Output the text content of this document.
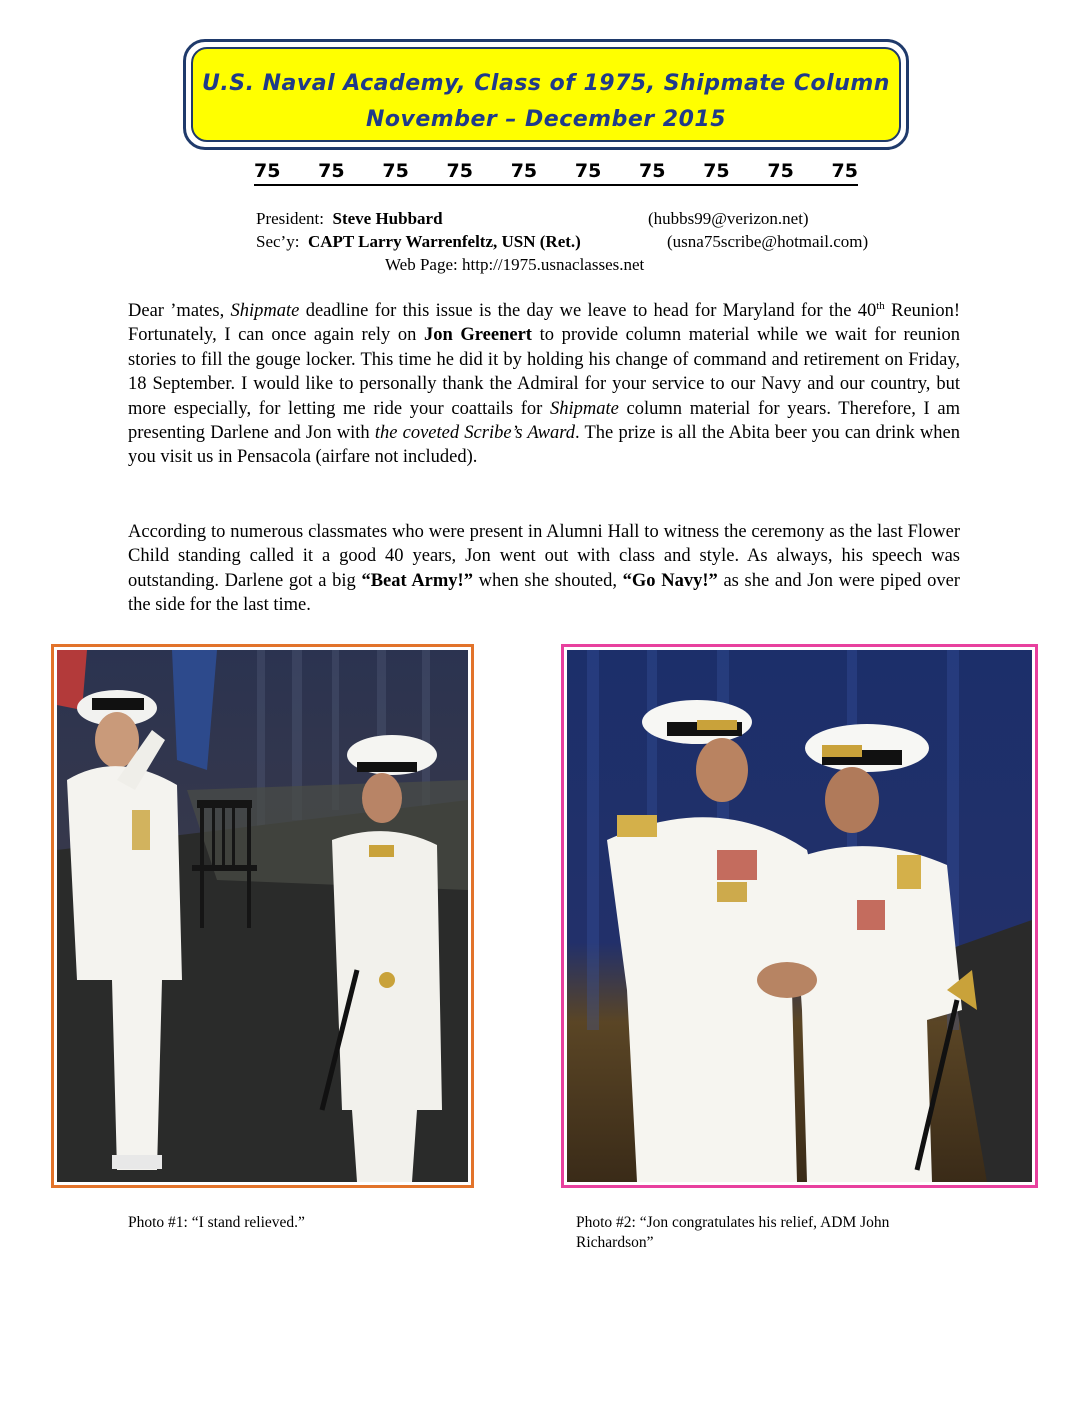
U.S. Naval Academy, Class of 1975, Shipmate Column
November – December 2015
75 75 75 75 75 75 75 75 75 75
President: Steve Hubbard	(hubbs99@verizon.net)
Sec’y: CAPT Larry Warrenfeltz, USN (Ret.)	(usna75scribe@hotmail.com)
Web Page: http://1975.usnaclasses.net
Dear ’mates, Shipmate deadline for this issue is the day we leave to head for Maryland for the 40th Reunion! Fortunately, I can once again rely on Jon Greenert to provide column material while we wait for reunion stories to fill the gouge locker. This time he did it by holding his change of command and retirement on Friday, 18 September. I would like to personally thank the Admiral for your service to our Navy and our country, but more especially, for letting me ride your coattails for Shipmate column material for years. Therefore, I am presenting Darlene and Jon with the coveted Scribe’s Award. The prize is all the Abita beer you can drink when you visit us in Pensacola (airfare not included).
According to numerous classmates who were present in Alumni Hall to witness the ceremony as the last Flower Child standing called it a good 40 years, Jon went out with class and style. As always, his speech was outstanding. Darlene got a big “Beat Army!” when she shouted, “Go Navy!” as she and Jon were piped over the side for the last time.
Photo #1: “I stand relieved.”	Photo #2: “Jon congratulates his relief, ADM John Richardson”
